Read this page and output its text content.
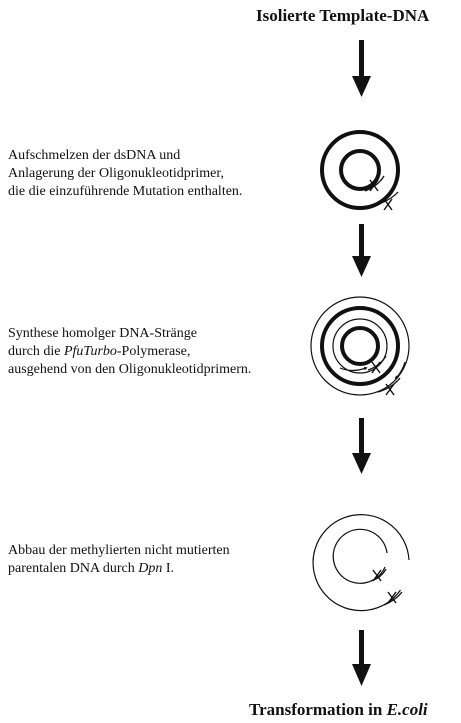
Isolierte Template-DNA
Aufschmelzen der dsDNA und
Anlagerung der Oligonukleotidprimer,
die die einzuführende Mutation enthalten.
Synthese homolger DNA-Stränge
durch die PfuTurbo-Polymerase,
ausgehend von den Oligonukleotidprimern.
Abbau der methylierten nicht mutierten
parentalen DNA durch Dpn I.
Transformation in E.coli
